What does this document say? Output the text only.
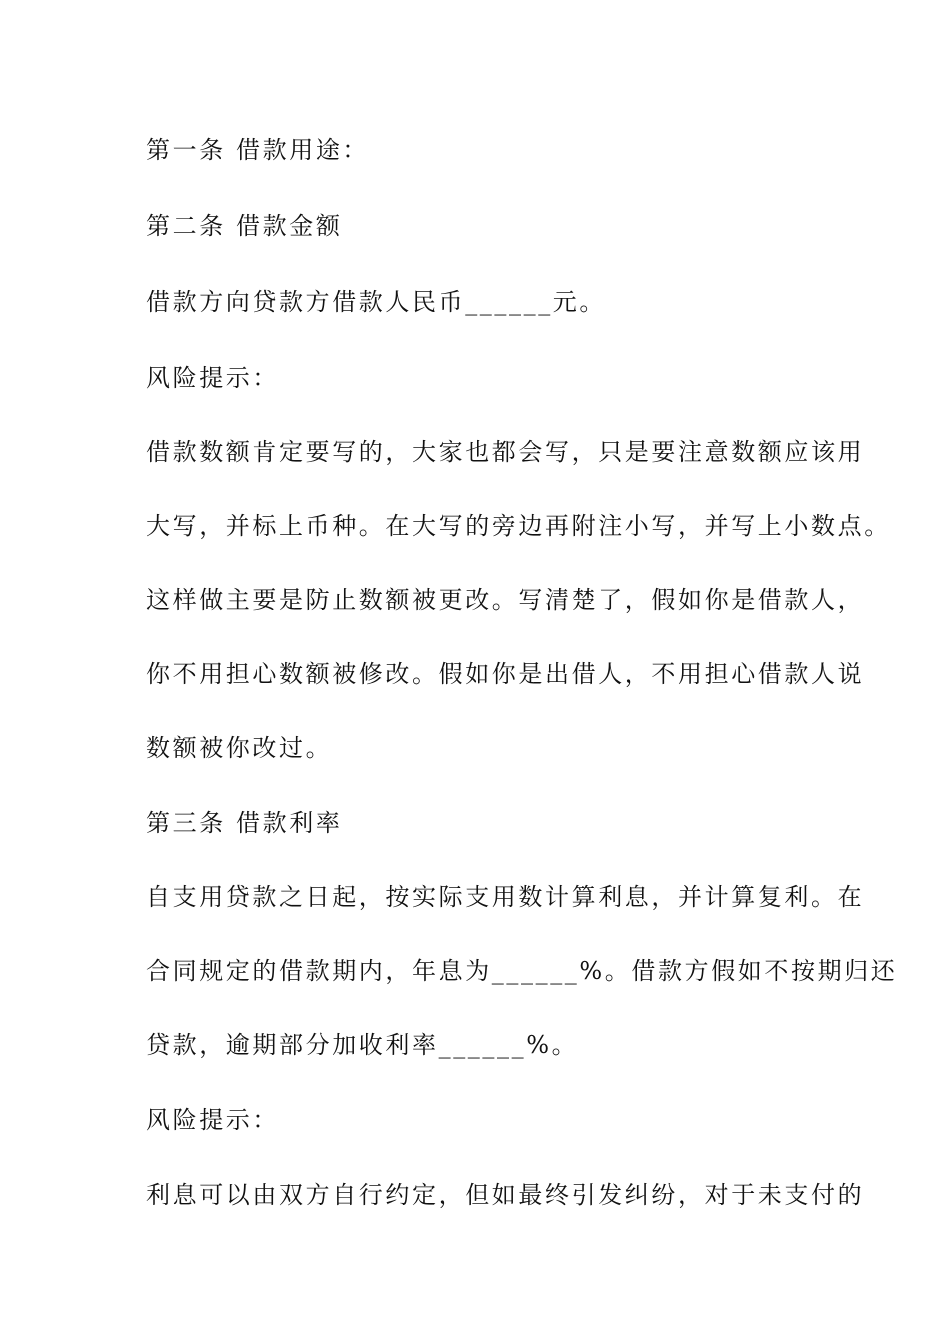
第一条 借款用途：
第二条 借款金额
借款方向贷款方借款人民币______元。
风险提示：
借款数额肯定要写的，大家也都会写，只是要注意数额应该用
大写，并标上币种。在大写的旁边再附注小写，并写上小数点。
这样做主要是防止数额被更改。写清楚了，假如你是借款人，
你不用担心数额被修改。假如你是出借人，不用担心借款人说
数额被你改过。
第三条 借款利率
自支用贷款之日起，按实际支用数计算利息，并计算复利。在
合同规定的借款期内，年息为______%。借款方假如不按期归还
贷款，逾期部分加收利率______%。
风险提示：
利息可以由双方自行约定，但如最终引发纠纷，对于未支付的
